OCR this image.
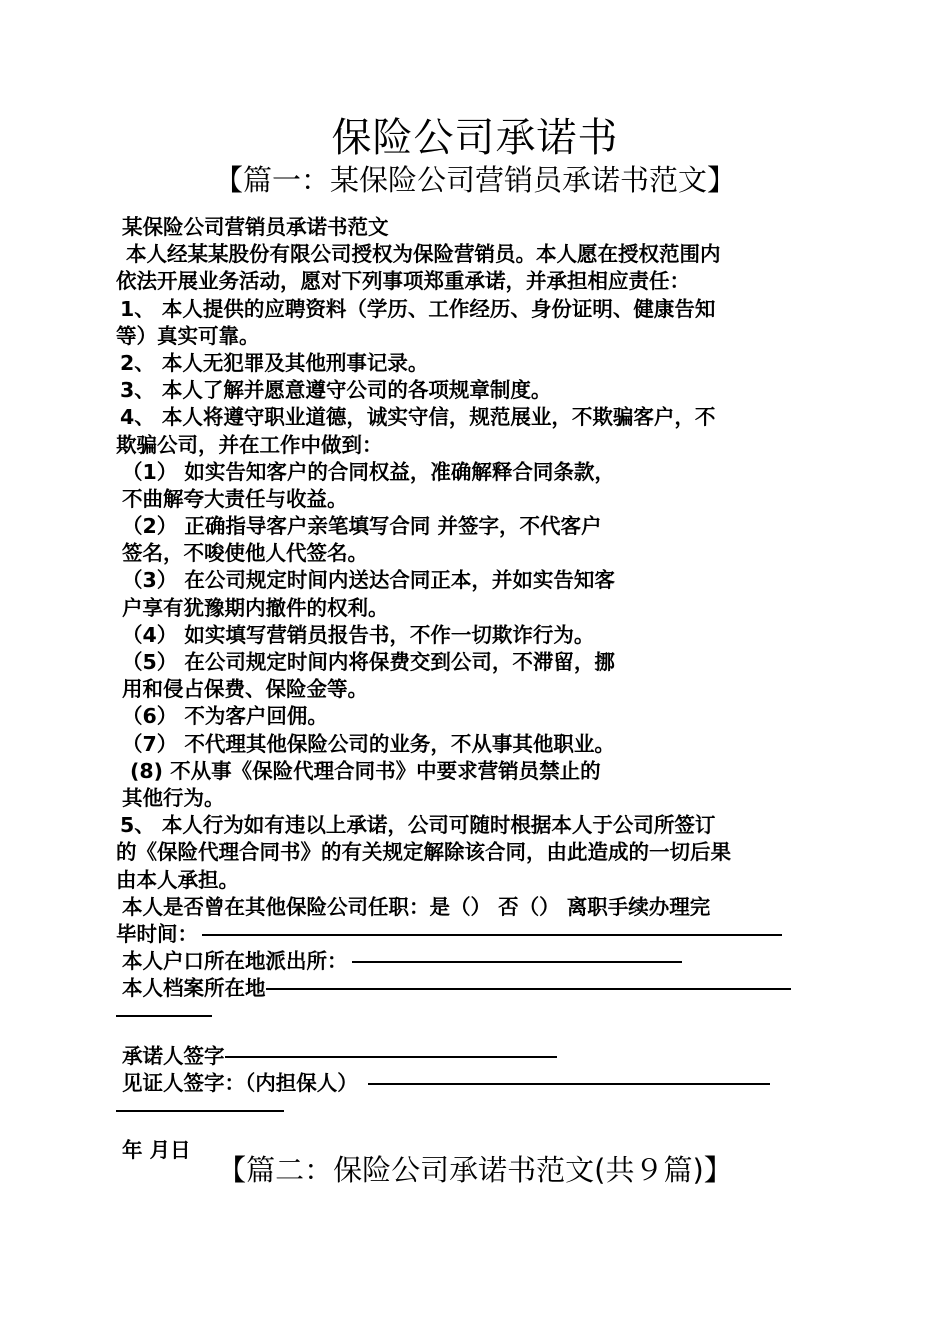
保险公司承诺书
【篇一：某保险公司营销员承诺书范文】
某保险公司营销员承诺书范文
本人经某某股份有限公司授权为保险营销员。本人愿在授权范围内
依法开展业务活动，愿对下列事项郑重承诺，并承担相应责任：
1、 本人提供的应聘资料（学历、工作经历、身份证明、健康告知
等）真实可靠。
2、 本人无犯罪及其他刑事记录。
3、 本人了解并愿意遵守公司的各项规章制度。
4、 本人将遵守职业道德，诚实守信，规范展业，不欺骗客户，不
欺骗公司，并在工作中做到：
（1） 如实告知客户的合同权益，准确解释合同条款，
不曲解夸大责任与收益。
（2） 正确指导客户亲笔填写合同 并签字，不代客户
签名，不唆使他人代签名。
（3） 在公司规定时间内送达合同正本，并如实告知客
户享有犹豫期内撤件的权利。
（4） 如实填写营销员报告书，不作一切欺诈行为。
（5） 在公司规定时间内将保费交到公司，不滞留，挪
用和侵占保费、保险金等。
（6） 不为客户回佣。
（7） 不代理其他保险公司的业务，不从事其他职业。
(8) 不从事《保险代理合同书》中要求营销员禁止的
其他行为。
5、 本人行为如有违以上承诺，公司可随时根据本人于公司所签订
的《保险代理合同书》的有关规定解除该合同，由此造成的一切后果
由本人承担。
本人是否曾在其他保险公司任职：是（） 否（） 离职手续办理完
毕时间：
本人户口所在地派出所：
本人档案所在地
承诺人签字
见证人签字：（内担保人）
年 月日
【篇二：保险公司承诺书范文(共９篇)】
